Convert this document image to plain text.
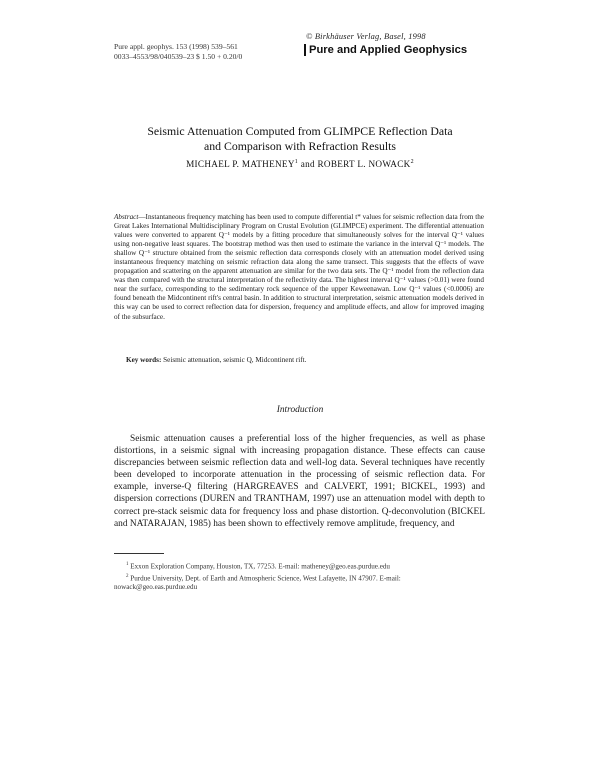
Pure appl. geophys. 153 (1998) 539–561
0033–4553/98/040539–23 $ 1.50 + 0.20/0
© Birkhäuser Verlag, Basel, 1998
Pure and Applied Geophysics
Seismic Attenuation Computed from GLIMPCE Reflection Data
and Comparison with Refraction Results
MICHAEL P. MATHENEY$^1$ and ROBERT L. NOWACK$^2$
Abstract—Instantaneous frequency matching has been used to compute differential t* values for seismic reflection data from the Great Lakes International Multidisciplinary Program on Crustal Evolution (GLIMPCE) experiment. The differential attenuation values were converted to apparent Q⁻¹ models by a fitting procedure that simultaneously solves for the interval Q⁻¹ values using non-negative least squares. The bootstrap method was then used to estimate the variance in the interval Q⁻¹ models. The shallow Q⁻¹ structure obtained from the seismic reflection data corresponds closely with an attenuation model derived using instantaneous frequency matching on seismic refraction data along the same transect. This suggests that the effects of wave propagation and scattering on the apparent attenuation are similar for the two data sets. The Q⁻¹ model from the reflection data was then compared with the structural interpretation of the reflectivity data. The highest interval Q⁻¹ values (>0.01) were found near the surface, corresponding to the sedimentary rock sequence of the upper Keweenawan. Low Q⁻¹ values (<0.0006) are found beneath the Midcontinent rift's central basin. In addition to structural interpretation, seismic attenuation models derived in this way can be used to correct reflection data for dispersion, frequency and amplitude effects, and allow for improved imaging of the subsurface.
Key words: Seismic attenuation, seismic Q, Midcontinent rift.
Introduction

Seismic attenuation causes a preferential loss of the higher frequencies, as well as phase distortions, in a seismic signal with increasing propagation distance. These effects can cause discrepancies between seismic reflection data and well-log data. Several techniques have recently been developed to incorporate attenuation in the processing of seismic reflection data. For example, inverse-Q filtering (HARGREAVES and CALVERT, 1991; BICKEL, 1993) and dispersion corrections (DUREN and TRANTHAM, 1997) use an attenuation model with depth to correct pre-stack seismic data for frequency loss and phase distortion. Q-deconvolution (BICKEL and NATARAJAN, 1985) has been shown to effectively remove amplitude, frequency, and

$^1$ Exxon Exploration Company, Houston, TX, 77253. E-mail: matheney@geo.eas.purdue.edu

$^2$ Purdue University, Dept. of Earth and Atmospheric Science, West Lafayette, IN 47907. E-mail: nowack@geo.eas.purdue.edu
